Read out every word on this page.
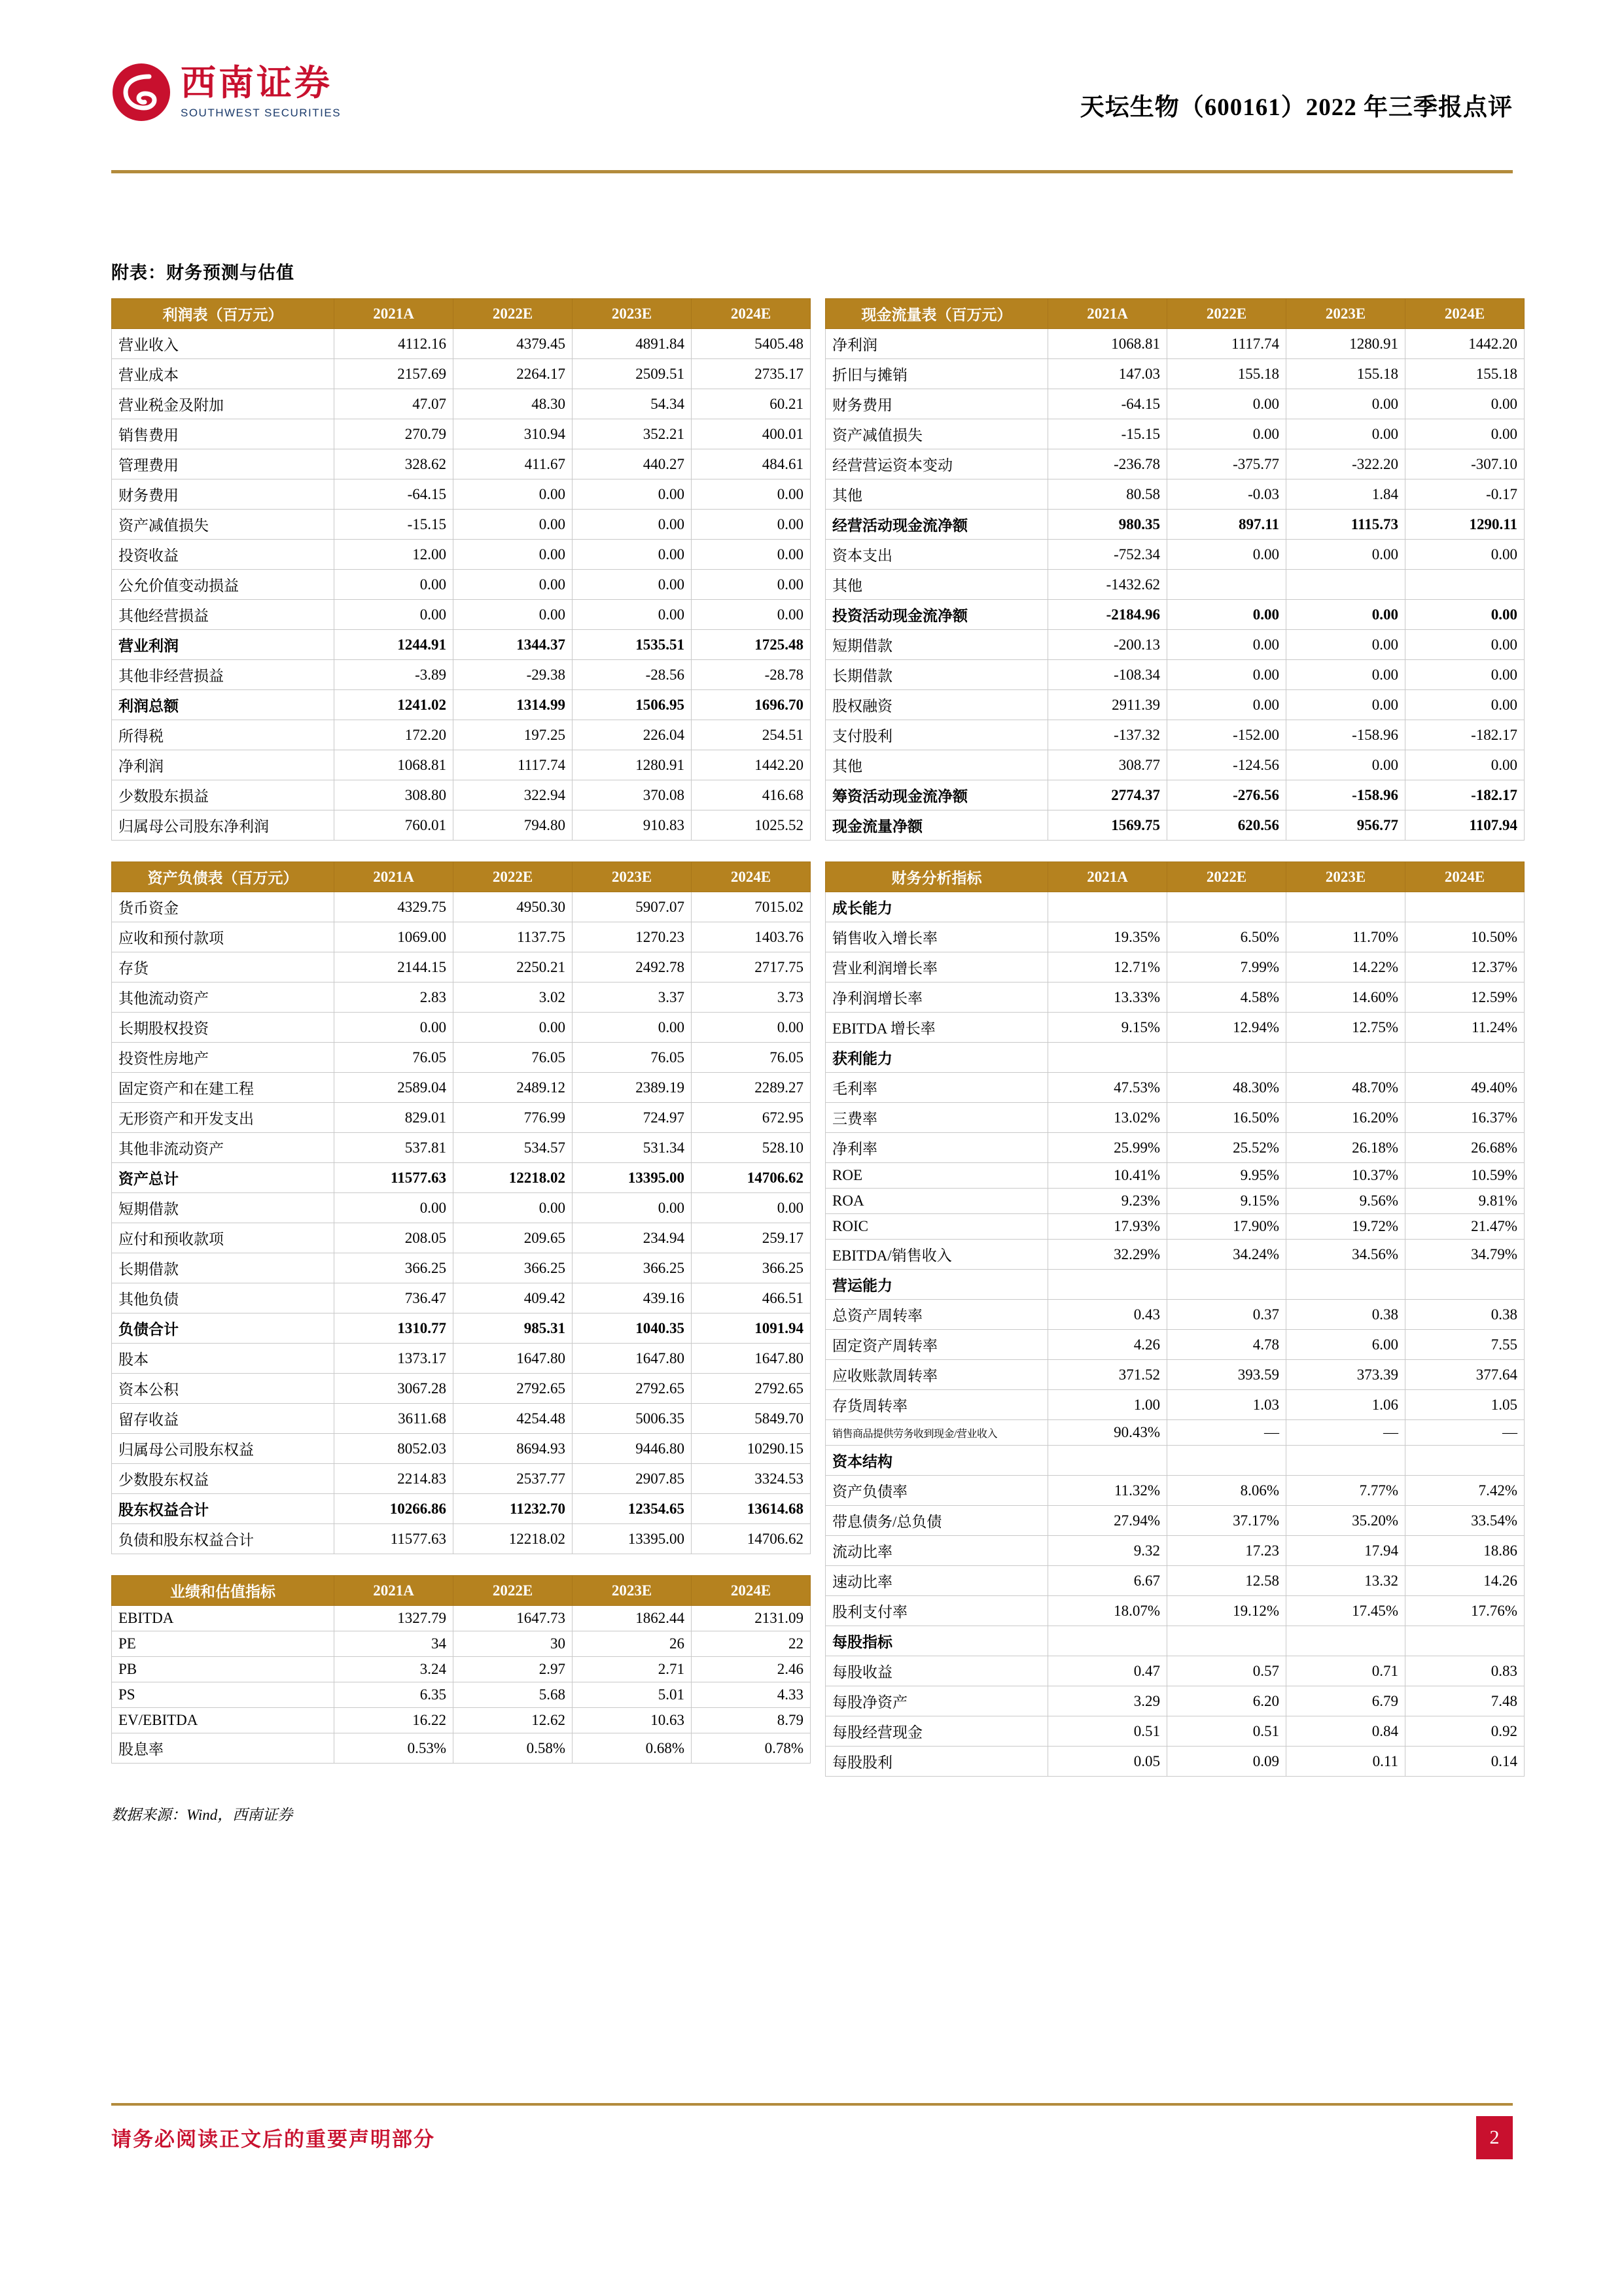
西南证券
SOUTHWEST SECURITIES	天坛生物（600161）2022 年三季报点评
附表：财务预测与估值
利润表（百万元）	2021A	2022E	2023E	2024E
营业收入	4112.16	4379.45	4891.84	5405.48
营业成本	2157.69	2264.17	2509.51	2735.17
营业税金及附加	47.07	48.30	54.34	60.21
销售费用	270.79	310.94	352.21	400.01
管理费用	328.62	411.67	440.27	484.61
财务费用	-64.15	0.00	0.00	0.00
资产减值损失	-15.15	0.00	0.00	0.00
投资收益	12.00	0.00	0.00	0.00
公允价值变动损益	0.00	0.00	0.00	0.00
其他经营损益	0.00	0.00	0.00	0.00
营业利润	1244.91	1344.37	1535.51	1725.48
其他非经营损益	-3.89	-29.38	-28.56	-28.78
利润总额	1241.02	1314.99	1506.95	1696.70
所得税	172.20	197.25	226.04	254.51
净利润	1068.81	1117.74	1280.91	1442.20
少数股东损益	308.80	322.94	370.08	416.68
归属母公司股东净利润	760.01	794.80	910.83	1025.52
资产负债表（百万元）	2021A	2022E	2023E	2024E
货币资金	4329.75	4950.30	5907.07	7015.02
应收和预付款项	1069.00	1137.75	1270.23	1403.76
存货	2144.15	2250.21	2492.78	2717.75
其他流动资产	2.83	3.02	3.37	3.73
长期股权投资	0.00	0.00	0.00	0.00
投资性房地产	76.05	76.05	76.05	76.05
固定资产和在建工程	2589.04	2489.12	2389.19	2289.27
无形资产和开发支出	829.01	776.99	724.97	672.95
其他非流动资产	537.81	534.57	531.34	528.10
资产总计	11577.63	12218.02	13395.00	14706.62
短期借款	0.00	0.00	0.00	0.00
应付和预收款项	208.05	209.65	234.94	259.17
长期借款	366.25	366.25	366.25	366.25
其他负债	736.47	409.42	439.16	466.51
负债合计	1310.77	985.31	1040.35	1091.94
股本	1373.17	1647.80	1647.80	1647.80
资本公积	3067.28	2792.65	2792.65	2792.65
留存收益	3611.68	4254.48	5006.35	5849.70
归属母公司股东权益	8052.03	8694.93	9446.80	10290.15
少数股东权益	2214.83	2537.77	2907.85	3324.53
股东权益合计	10266.86	11232.70	12354.65	13614.68
负债和股东权益合计	11577.63	12218.02	13395.00	14706.62
业绩和估值指标	2021A	2022E	2023E	2024E
EBITDA	1327.79	1647.73	1862.44	2131.09
PE	34	30	26	22
PB	3.24	2.97	2.71	2.46
PS	6.35	5.68	5.01	4.33
EV/EBITDA	16.22	12.62	10.63	8.79
股息率	0.53%	0.58%	0.68%	0.78%
现金流量表（百万元）	2021A	2022E	2023E	2024E
净利润	1068.81	1117.74	1280.91	1442.20
折旧与摊销	147.03	155.18	155.18	155.18
财务费用	-64.15	0.00	0.00	0.00
资产减值损失	-15.15	0.00	0.00	0.00
经营营运资本变动	-236.78	-375.77	-322.20	-307.10
其他	80.58	-0.03	1.84	-0.17
经营活动现金流净额	980.35	897.11	1115.73	1290.11
资本支出	-752.34	0.00	0.00	0.00
其他	-1432.62			
投资活动现金流净额	-2184.96	0.00	0.00	0.00
短期借款	-200.13	0.00	0.00	0.00
长期借款	-108.34	0.00	0.00	0.00
股权融资	2911.39	0.00	0.00	0.00
支付股利	-137.32	-152.00	-158.96	-182.17
其他	308.77	-124.56	0.00	0.00
筹资活动现金流净额	2774.37	-276.56	-158.96	-182.17
现金流量净额	1569.75	620.56	956.77	1107.94
财务分析指标	2021A	2022E	2023E	2024E
成长能力				
销售收入增长率	19.35%	6.50%	11.70%	10.50%
营业利润增长率	12.71%	7.99%	14.22%	12.37%
净利润增长率	13.33%	4.58%	14.60%	12.59%
EBITDA 增长率	9.15%	12.94%	12.75%	11.24%
获利能力				
毛利率	47.53%	48.30%	48.70%	49.40%
三费率	13.02%	16.50%	16.20%	16.37%
净利率	25.99%	25.52%	26.18%	26.68%
ROE	10.41%	9.95%	10.37%	10.59%
ROA	9.23%	9.15%	9.56%	9.81%
ROIC	17.93%	17.90%	19.72%	21.47%
EBITDA/销售收入	32.29%	34.24%	34.56%	34.79%
营运能力				
总资产周转率	0.43	0.37	0.38	0.38
固定资产周转率	4.26	4.78	6.00	7.55
应收账款周转率	371.52	393.59	373.39	377.64
存货周转率	1.00	1.03	1.06	1.05
销售商品提供劳务收到现金/营业收入	90.43%	—	—	—
资本结构				
资产负债率	11.32%	8.06%	7.77%	7.42%
带息债务/总负债	27.94%	37.17%	35.20%	33.54%
流动比率	9.32	17.23	17.94	18.86
速动比率	6.67	12.58	13.32	14.26
股利支付率	18.07%	19.12%	17.45%	17.76%
每股指标				
每股收益	0.47	0.57	0.71	0.83
每股净资产	3.29	6.20	6.79	7.48
每股经营现金	0.51	0.51	0.84	0.92
每股股利	0.05	0.09	0.11	0.14
数据来源：Wind，西南证券
请务必阅读正文后的重要声明部分	2
